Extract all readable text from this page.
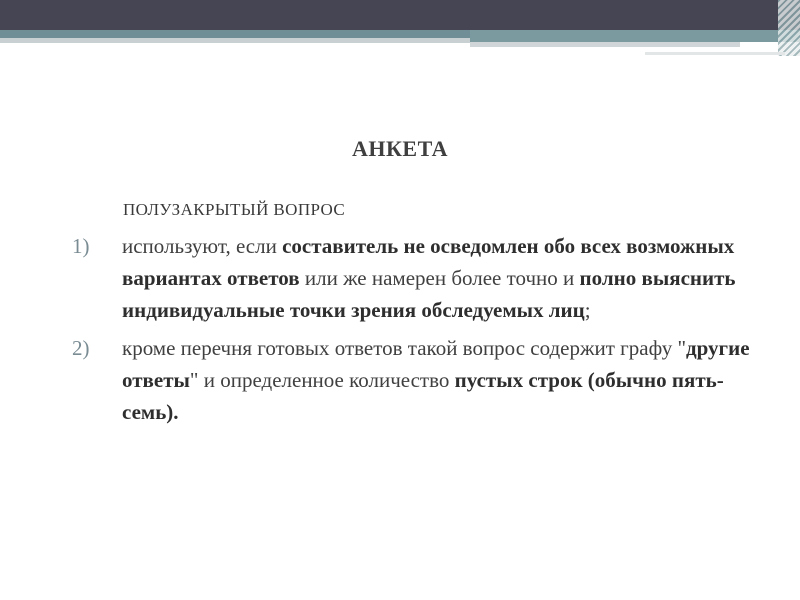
АНКЕТА
ПОЛУЗАКРЫТЫЙ ВОПРОС
1) используют, если составитель не осведомлен обо всех возможных вариантах ответов или же намерен более точно и полно выяснить индивидуальные точки зрения обследуемых лиц;
2) кроме перечня готовых ответов такой вопрос содержит графу "другие ответы" и определенное количество пустых строк (обычно пять-семь).
